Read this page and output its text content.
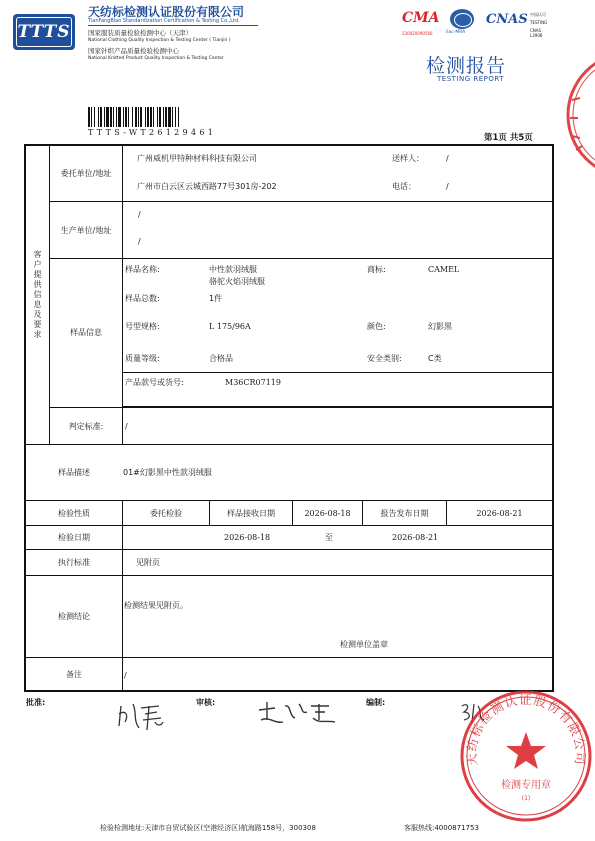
TTTS
天纺标检测认证股份有限公司
TianFangBiao Standardization Certification & Testing Co.,Ltd.
国家服装质量检验检测中心（天津）
National Clothing Quality Inspection & Testing Center ( Tianjin )
国家针织产品质量检验检测中心
National Knitted Product Quality Inspection & Testing Center
CMA
230020090566	ilac-MRA
CNAS 中国认可
TESTING
CNAS L3908
检测报告
TESTING REPORT
TTTS-WT26129461
第1页 共5页
客户提供信息及要求
委托单位/地址
广州威机甲特种材料科技有限公司
广州市白云区云城西路77号301房-202
送样人：	/
电话：	/
生产单位/地址
/
/
样品信息
样品名称:	中性款羽绒服
骆驼火焰羽绒服
商标:	CAMEL
样品总数:	1件
号型规格:	L 175/96A	颜色:	幻影黑
质量等级:	合格品	安全类别:	C类
产品款号或货号:	M36CR07119
判定标准:	/
样品描述	01#幻影黑中性款羽绒服
检验性质	委托检验	样品接收日期	2026-08-18	报告发布日期	2026-08-21
检验日期	2026-08-18	至	2026-08-21
执行标准	见附页
检测结论
检测结果见附页。
检测单位盖章
备注	/
批准:	审核:	编制:
天纺标检测认证股份有限公司
检测专用章
(1)
检验检测地址:天津市自贸试验区(空港经济区)航海路158号，300308	客服热线:4000871753
